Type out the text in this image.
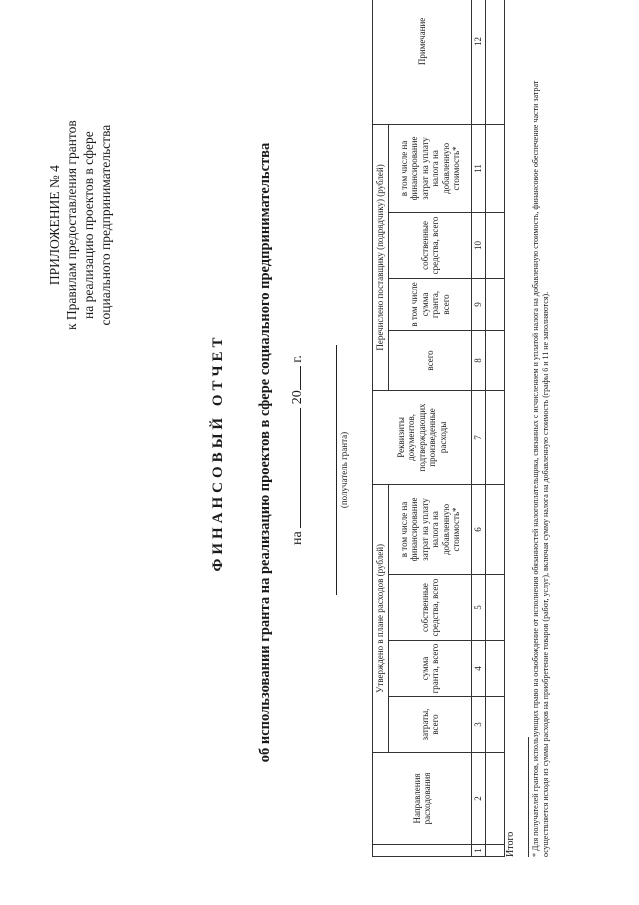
ПРИЛОЖЕНИЕ № 4 к Правилам предоставления грантов на реализацию проектов в сфере социального предпринимательства
ФИНАНСОВЫЙ ОТЧЕТ об использовании гранта на реализацию проектов в сфере социального предпринимательства на  20 г.
(получатель гранта)
	Направления расходования	Утверждено в плане расходов (рублей)				Реквизиты документов, подтверждающих произведенные расходы	Перечислено поставщику (подрядчику) (рублей)				Примечание
		затраты, всего	сумма гранта, всего	собственные средства, всего	в том числе на финансирование затрат на уплату налога на добавленную стоимость*		всего	в том числе сумма гранта, всего	собственные средства, всего	в том числе на финансирование затрат на уплату налога на добавленную стоимость*	
1	2	3	4	5	6	7	8	9	10	11	12

Итого * Для получателей грантов, использующих право на освобождение от исполнения обязанностей налогоплательщика, связанных с исчислением и уплатой налога на добавленную стоимость, финансовое обеспечение части затрат осуществляется исходя из суммы расходов на приобретение товаров (работ, услуг), включая сумму налога на добавленную стоимость (графы 6 и 11 не заполняются).
